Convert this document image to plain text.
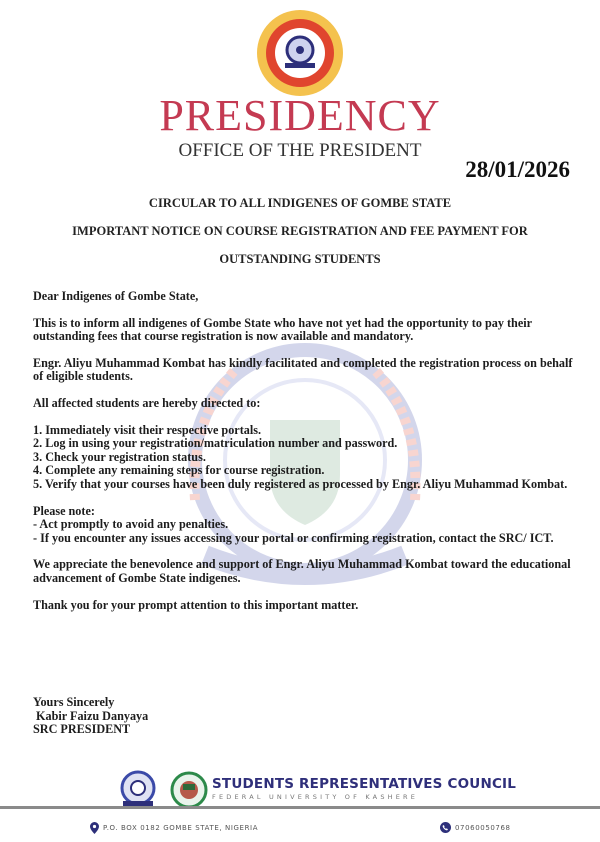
PRESIDENCY
OFFICE OF THE PRESIDENT
28/01/2026
CIRCULAR TO ALL INDIGENES OF GOMBE STATE
IMPORTANT NOTICE ON COURSE REGISTRATION AND FEE PAYMENT FOR
OUTSTANDING STUDENTS

Dear Indigenes of Gombe State,

This is to inform all indigenes of Gombe State who have not yet had the opportunity to pay their outstanding fees that course registration is now available and mandatory.

Engr. Aliyu Muhammad Kombat has kindly facilitated and completed the registration process on behalf of eligible students.

All affected students are hereby directed to:

1. Immediately visit their respective portals.
2. Log in using your registration/matriculation number and password.
3. Check your registration status.
4. Complete any remaining steps for course registration.
5. Verify that your courses have been duly registered as processed by Engr. Aliyu Muhammad Kombat.

Please note:
- Act promptly to avoid any penalties.
- If you encounter any issues accessing your portal or confirming registration, contact the SRC/ ICT.

We appreciate the benevolence and support of Engr. Aliyu Muhammad Kombat toward the educational advancement of Gombe State indigenes.

Thank you for your prompt attention to this important matter.

Yours Sincerely
Kabir Faizu Danyaya
SRC PRESIDENT
STUDENTS REPRESENTATIVES COUNCIL
FEDERAL UNIVERSITY OF KASHERE
P.O. BOX 0182 GOMBE STATE, NIGERIA	07060050768
